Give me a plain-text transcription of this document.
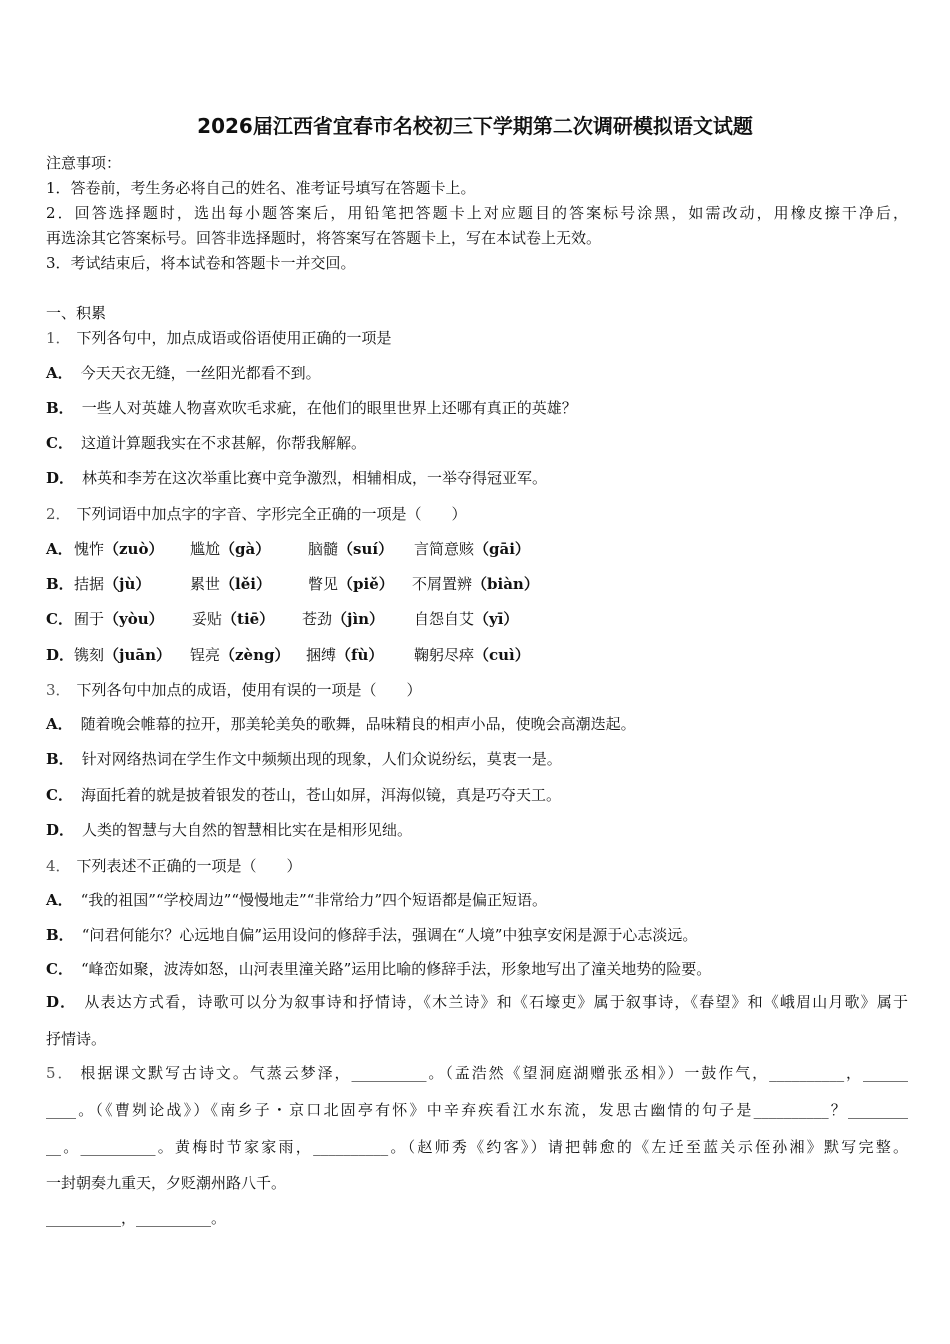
2026届江西省宜春市名校初三下学期第二次调研模拟语文试题
注意事项：
1．答卷前，考生务必将自己的姓名、准考证号填写在答题卡上。
2．回答选择题时，选出每小题答案后，用铅笔把答题卡上对应题目的答案标号涂黑，如需改动，用橡皮擦干净后，
再选涂其它答案标号。回答非选择题时，将答案写在答题卡上，写在本试卷上无效。
3．考试结束后，将本试卷和答题卡一并交回。
一、积累
1． 下列各句中，加点成语或俗语使用正确的一项是
A． 今天天衣无缝，一丝阳光都看不到。
B． 一些人对英雄人物喜欢吹毛求疵，在他们的眼里世界上还哪有真正的英雄？
C． 这道计算题我实在不求甚解，你帮我解解。
D． 林英和李芳在这次举重比赛中竞争激烈，相辅相成，一举夺得冠亚军。
2． 下列词语中加点字的字音、字形完全正确的一项是（　　）
A． 愧怍（zuò） 尴尬（gà）	脑髓（suí） 言简意赅（gāi）
B． 拮据（jù）	累世（lěi） 瞥见（piě） 不屑置辨（biàn）
C． 囿于（yòu） 妥贴（tiē） 苍劲（jìn） 自怨自艾（yī）
D． 镌刻（juān） 锃亮（zèng） 捆缚（fù） 鞠躬尽瘁（cuì）
3． 下列各句中加点的成语，使用有误的一项是（　　）
A． 随着晚会帷幕的拉开，那美轮美奂的歌舞，品味精良的相声小品，使晚会高潮迭起。
B． 针对网络热词在学生作文中频频出现的现象，人们众说纷纭，莫衷一是。
C． 海面托着的就是披着银发的苍山，苍山如屏，洱海似镜，真是巧夺天工。
D． 人类的智慧与大自然的智慧相比实在是相形见绌。
4． 下列表述不正确的一项是（　　）
A． “我的祖国”“学校周边”“慢慢地走”“非常给力”四个短语都是偏正短语。
B． “问君何能尔？心远地自偏”运用设问的修辞手法，强调在“人境”中独享安闲是源于心志淡远。
C． “峰峦如聚，波涛如怒，山河表里潼关路”运用比喻的修辞手法，形象地写出了潼关地势的险要。
D． 从表达方式看，诗歌可以分为叙事诗和抒情诗，《木兰诗》和《石壕吏》属于叙事诗，《春望》和《峨眉山月歌》属于
抒情诗。
5． 根据课文默写古诗文。气蒸云梦泽，__________。（孟浩然《望洞庭湖赠张丞相》）一鼓作气，__________，______
____。（《曹刿论战》）《南乡子・京口北固亭有怀》中辛弃疾看江水东流，发思古幽情的句子是__________？________
__。__________。黄梅时节家家雨，__________。（赵师秀《约客》）请把韩愈的《左迁至蓝关示侄孙湘》默写完整。
一封朝奏九重天，夕贬潮州路八千。
__________，__________。
